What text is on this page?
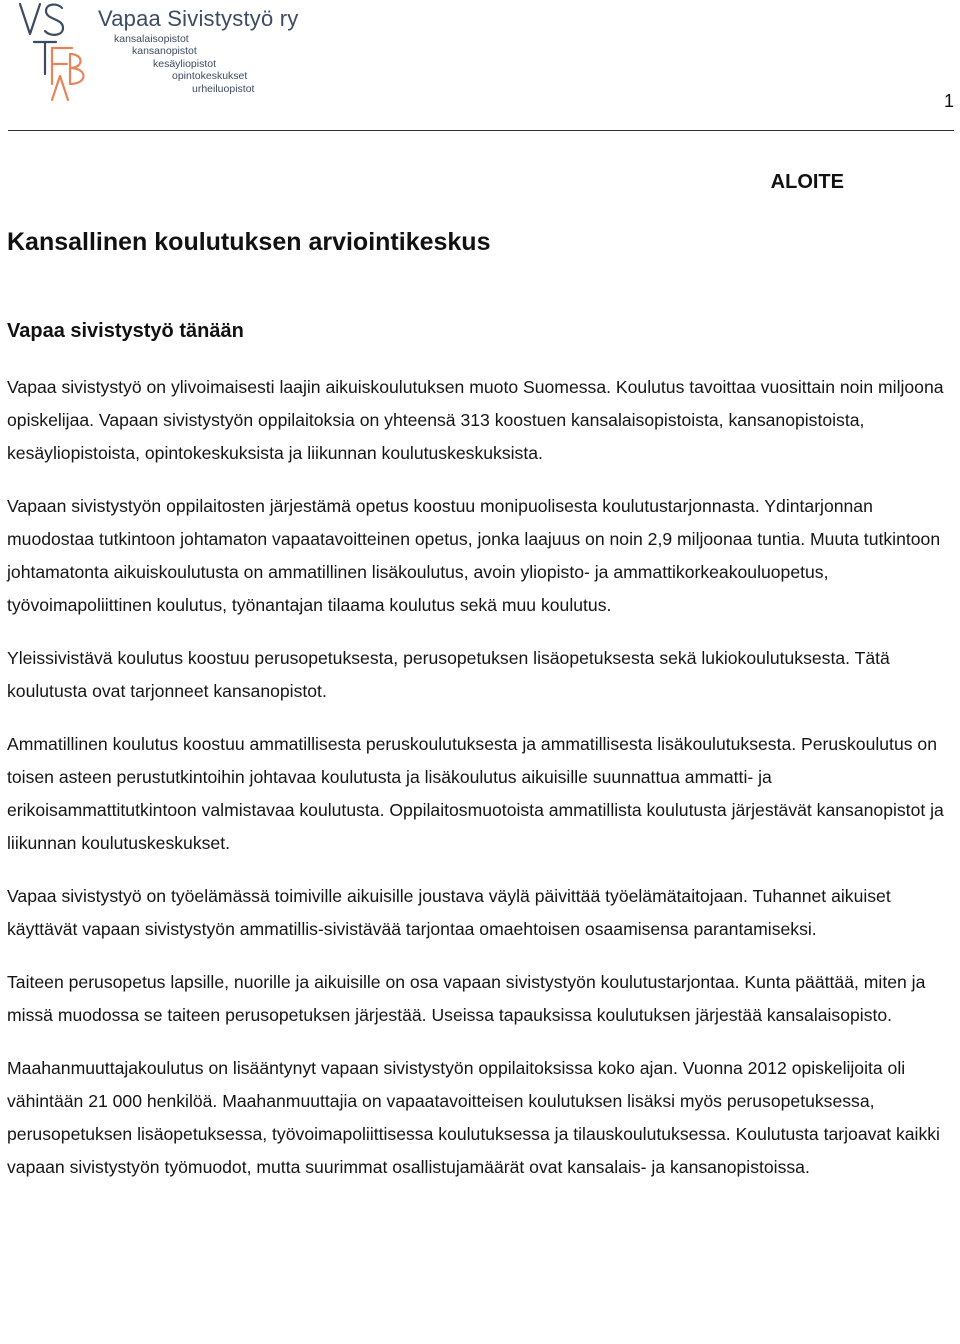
Vapaa Sivistystyö ry
kansalaisopistot
kansanopistot
kesäyliopistot
opintokeskukset
urheiluopistot
1
ALOITE
Kansallinen koulutuksen arviointikeskus
Vapaa sivistystyö tänään

Vapaa sivistystyö on ylivoimaisesti laajin aikuiskoulutuksen muoto Suomessa. Koulutus tavoittaa vuosittain noin miljoona opiskelijaa. Vapaan sivistystyön oppilaitoksia on yhteensä 313 koostuen kansalaisopistoista, kansanopistoista, kesäyliopistoista, opintokeskuksista ja liikunnan koulutuskeskuksista.

Vapaan sivistystyön oppilaitosten järjestämä opetus koostuu monipuolisesta koulutustarjonnasta. Ydintarjonnan muodostaa tutkintoon johtamaton vapaatavoitteinen opetus, jonka laajuus on noin 2,9 miljoonaa tuntia. Muuta tutkintoon johtamatonta aikuiskoulutusta on ammatillinen lisäkoulutus, avoin yliopisto- ja ammattikorkeakouluopetus, työvoimapoliittinen koulutus, työnantajan tilaama koulutus sekä muu koulutus.

Yleissivistävä koulutus koostuu perusopetuksesta, perusopetuksen lisäopetuksesta sekä lukiokoulutuksesta. Tätä koulutusta ovat tarjonneet kansanopistot.

Ammatillinen koulutus koostuu ammatillisesta peruskoulutuksesta ja ammatillisesta lisäkoulutuksesta. Peruskoulutus on toisen asteen perustutkintoihin johtavaa koulutusta ja lisäkoulutus aikuisille suunnattua ammatti- ja erikoisammattitutkintoon valmistavaa koulutusta. Oppilaitosmuotoista ammatillista koulutusta järjestävät kansanopistot ja liikunnan koulutuskeskukset.

Vapaa sivistystyö on työelämässä toimiville aikuisille joustava väylä päivittää työelämätaitojaan. Tuhannet aikuiset käyttävät vapaan sivistystyön ammatillis-sivistävää tarjontaa omaehtoisen osaamisensa parantamiseksi.

Taiteen perusopetus lapsille, nuorille ja aikuisille on osa vapaan sivistystyön koulutustarjontaa. Kunta päättää, miten ja missä muodossa se taiteen perusopetuksen järjestää. Useissa tapauksissa koulutuksen järjestää kansalaisopisto.

Maahanmuuttajakoulutus on lisääntynyt vapaan sivistystyön oppilaitoksissa koko ajan. Vuonna 2012 opiskelijoita oli vähintään 21 000 henkilöä. Maahanmuuttajia on vapaatavoitteisen koulutuksen lisäksi myös perusopetuksessa, perusopetuksen lisäopetuksessa, työvoimapoliittisessa koulutuksessa ja tilauskoulutuksessa. Koulutusta tarjoavat kaikki vapaan sivistystyön työmuodot, mutta suurimmat osallistujamäärät ovat kansalais- ja kansanopistoissa.
